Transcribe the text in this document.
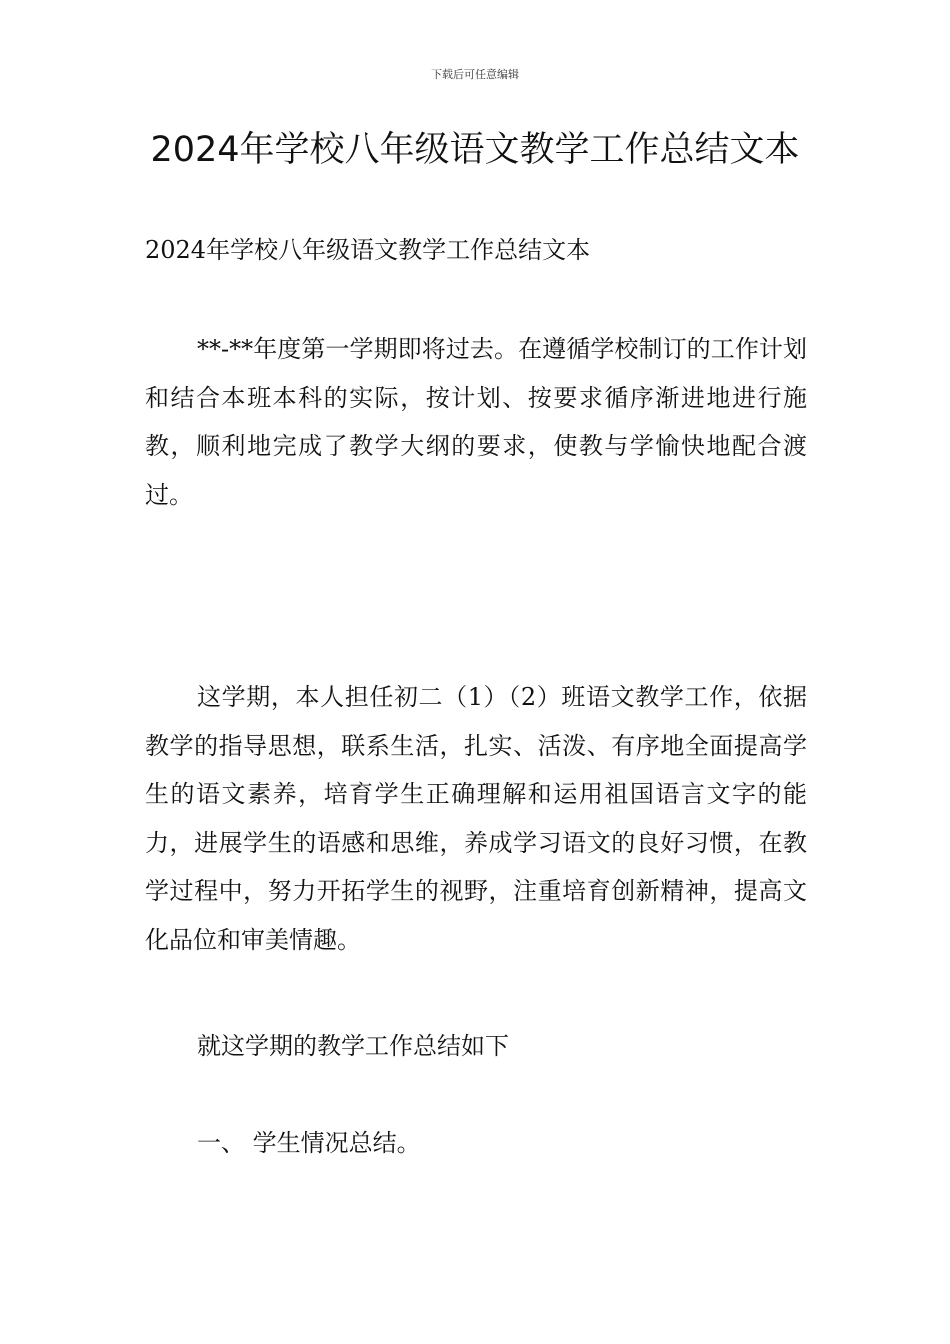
下载后可任意编辑
2024年学校八年级语文教学工作总结文本

2024年学校八年级语文教学工作总结文本

**-**年度第一学期即将过去。在遵循学校制订的工作计划和结合本班本科的实际，按计划、按要求循序渐进地进行施教，顺利地完成了教学大纲的要求，使教与学愉快地配合渡过。

这学期，本人担任初二（1）（2）班语文教学工作，依据教学的指导思想，联系生活，扎实、活泼、有序地全面提高学生的语文素养，培育学生正确理解和运用祖国语言文字的能力，进展学生的语感和思维，养成学习语文的良好习惯，在教学过程中，努力开拓学生的视野，注重培育创新精神，提高文化品位和审美情趣。

就这学期的教学工作总结如下

一、 学生情况总结。
